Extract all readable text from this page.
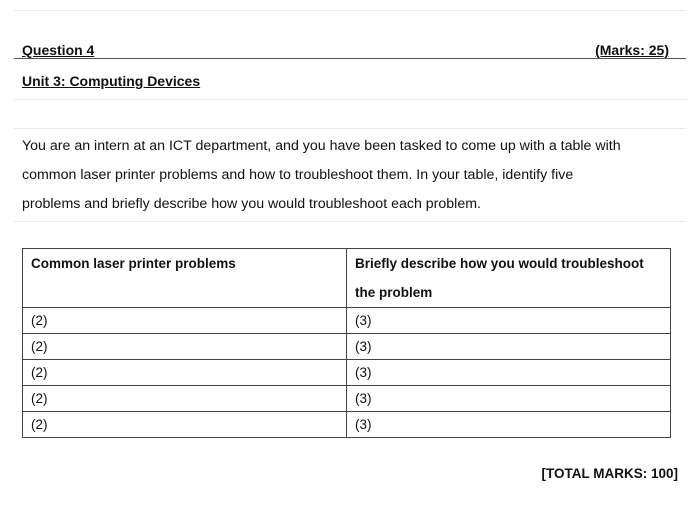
Question 4	(Marks: 25)
Unit 3: Computing Devices
You are an intern at an ICT department, and you have been tasked to come up with a table with
common laser printer problems and how to troubleshoot them. In your table, identify five
problems and briefly describe how you would troubleshoot each problem.
Common laser printer problems	Briefly describe how you would troubleshoot the problem
(2)	(3)
(2)	(3)
(2)	(3)
(2)	(3)
(2)	(3)
[TOTAL MARKS: 100]
